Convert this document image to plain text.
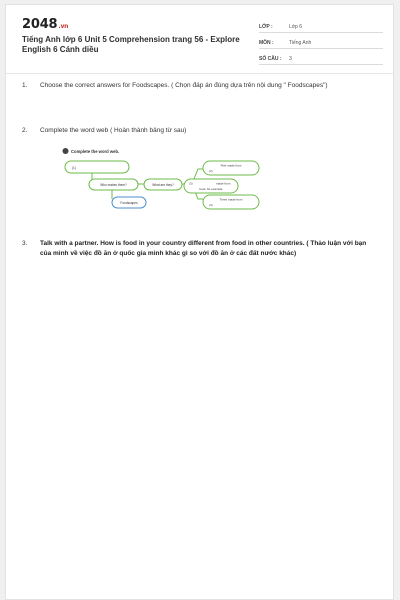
2048.vn
Tiếng Anh lớp 6 Unit 5 Comprehension trang 56 - Explore English 6 Cánh diều
LỚP :	Lớp 6
MÔN :	Tiếng Anh
SỐ CÂU :	3
1.	Choose the correct answers for Foodscapes. ( Chọn đáp án đúng dựa trên nội dung " Foodscapes")
2.	Complete the word web ( Hoàn thành bảng từ sau)
Complete the word web.
(1)
Who makes them?	What are they?
Foodscapes
Fish made from
(2)
(3)	made from
food, for example
Trees made from
(4)
3.	Talk with a partner. How is food in your country different from food in other countries. ( Thảo luận với bạn của mình về việc đồ ăn ở quốc gia mình khác gì so với đồ ăn ở các đất nước khác)
